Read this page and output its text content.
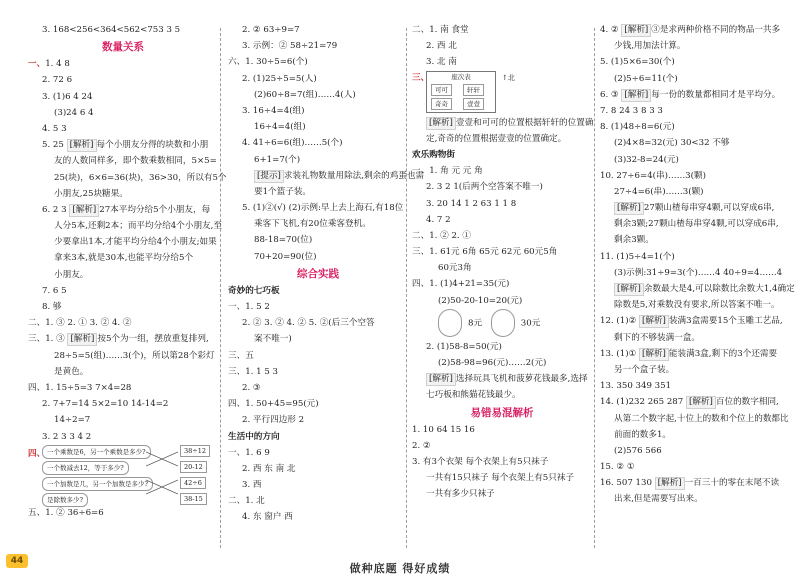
3. 168<256<364<562<753 3 5
数量关系
一、1. 4 8
2. 72 6
3. (1)6 4 24
(3)24 6 4
4. 5 3
5. 25 [解析] 每个小朋友分得的块数和小朋
友的人数同样多，即个数乘数相同，5×5=
25(块)，6×6=36(块)，36>30，所以有5个
小朋友,25块糖果。
6. 2 3 [解析] 27本平均分给5个小朋友，每
人分5本,还剩2本；而平均分给4个小朋友,至
少要拿出1本,才能平均分给4个小朋友;如果
拿来3本,就是30本,也能平均分给5个
小朋友。
7. 6 5
8. 够
二、1. ③ 2. ① 3. ② 4. ②
三、1. ③ [解析] 按5个为一组，摆放重复排列,
28÷5=5(组)……3(个)，所以第28个彩灯
是黄色。
四、1. 15÷5=3 7×4=28
2. 7+7=14 5×2=10 14-14=2
14÷2=7
3. 2 3 3 4 2
四、 一个乘数是6，另一个乘数是多少?
一个数减去12，等于多少?
一个加数是几，另一个加数是多少?
是除数多少?
38÷12
20-12
42÷6
38-15
五、1. ② 36÷6=6
2. ② 63÷9=7
3. 示例：② 58÷21=79
六、1. 30÷5=6(个)
2. (1)25÷5=5(人)
(2)60÷8=7(组)……4(人)
3. 16÷4=4(组)
16÷4=4(组)
4. 41÷6=6(组)……5(个)
6+1=7(个)
[提示] 求装礼物数量用除法,剩余的鸡蛋也需
要1个篮子装。
5. (1)②(√) (2)示例:早上去上海石,有18位
乘客下飞机,有20位乘客登机。
88-18=70(位)
70+20=90(位)
综合实践
奇妙的七巧板
一、1. 5 2
2. ② 3. ② 4. ② 5. ②(后三个空答
案不唯一)
三、五
三、1. 1 5 3
2. ③
四、1. 50+45=95(元)
2. 平行四边形 2
生活中的方向
一、1. 6 9
2. 西 东 南 北
3. 西
二、1. 北
4. 东 窗户 西
二、1. 南 食堂
2. 西 北
3. 北 南
三、	座次表
可可	轩轩
奇奇	壹壹
↑北
[解析] 壹壹和可可的位置根据轩轩的位置确
定,奇奇的位置根据壹壹的位置确定。
欢乐购物街
一、1. 角 元 元 角
2. 3 2 1(后两个空答案不唯一)
3. 20 14 1 2 63 1 1 8
4. 7 2
二、1. ② 2. ①
三、1. 61元 6角 65元 62元 60元5角
60元3角
四、1. (1)4+21=35(元)
(2)50-20-10=20(元)
8元	30元
2. (1)58-8=50(元)
(2)58-98=96(元)……2(元)
[解析] 选择玩具飞机和菠萝花钱最多,选择
七巧板和熊猫花钱最少。
易错易混解析
1. 10 64 15 16
2. ②
3. 有3个衣架 每个衣架上有5只袜子
一共有15只袜子 每个衣架上有5只袜子
一共有多少只袜子
4. ② [解析] ③是求两种价格不同的物品一共多
少钱,用加法计算。
5. (1)5×6=30(个)
(2)5÷6=11(个)
6. ③ [解析] 每一份的数量都相同才是平均分。
7. 8 24 3 8 3 3
8. (1)48÷8=6(元)
(2)4×8=32(元) 30<32 不够
(3)32-8=24(元)
10. 27÷6=4(串)……3(颗)
27÷4=6(串)……3(颗)
[解析] 27颗山楂每串穿4颗,可以穿成6串,
剩余3颗;27颗山楂每串穿4颗,可以穿成6串,
剩余3颗。
11. (1)5÷4=1(个)
(3)示例:31÷9=3(个)……4 40÷9=4……4
[解析] 余数最大是4,可以除数比余数大1,4确定
除数是5,对乘数没有要求,所以答案不唯一。
12. (1)② [解析] 装满3盒需要15个玉雕工艺品,
剩下的不够装满一盒。
13. (1)① [解析] 能装满3盒,剩下的3个还需要
另一个盒子装。
13. 350 349 351
14. (1)232 265 287 [解析] 百位的数字相同,
从第二个数字起,十位上的数和个位上的数都比
前面的数多1。
(2)576 566
15. ② ①
16. 507 130 [解析] 一百三十的零在末尾不读
出来,但是需要写出来。
44
做种底题 得好成绩
